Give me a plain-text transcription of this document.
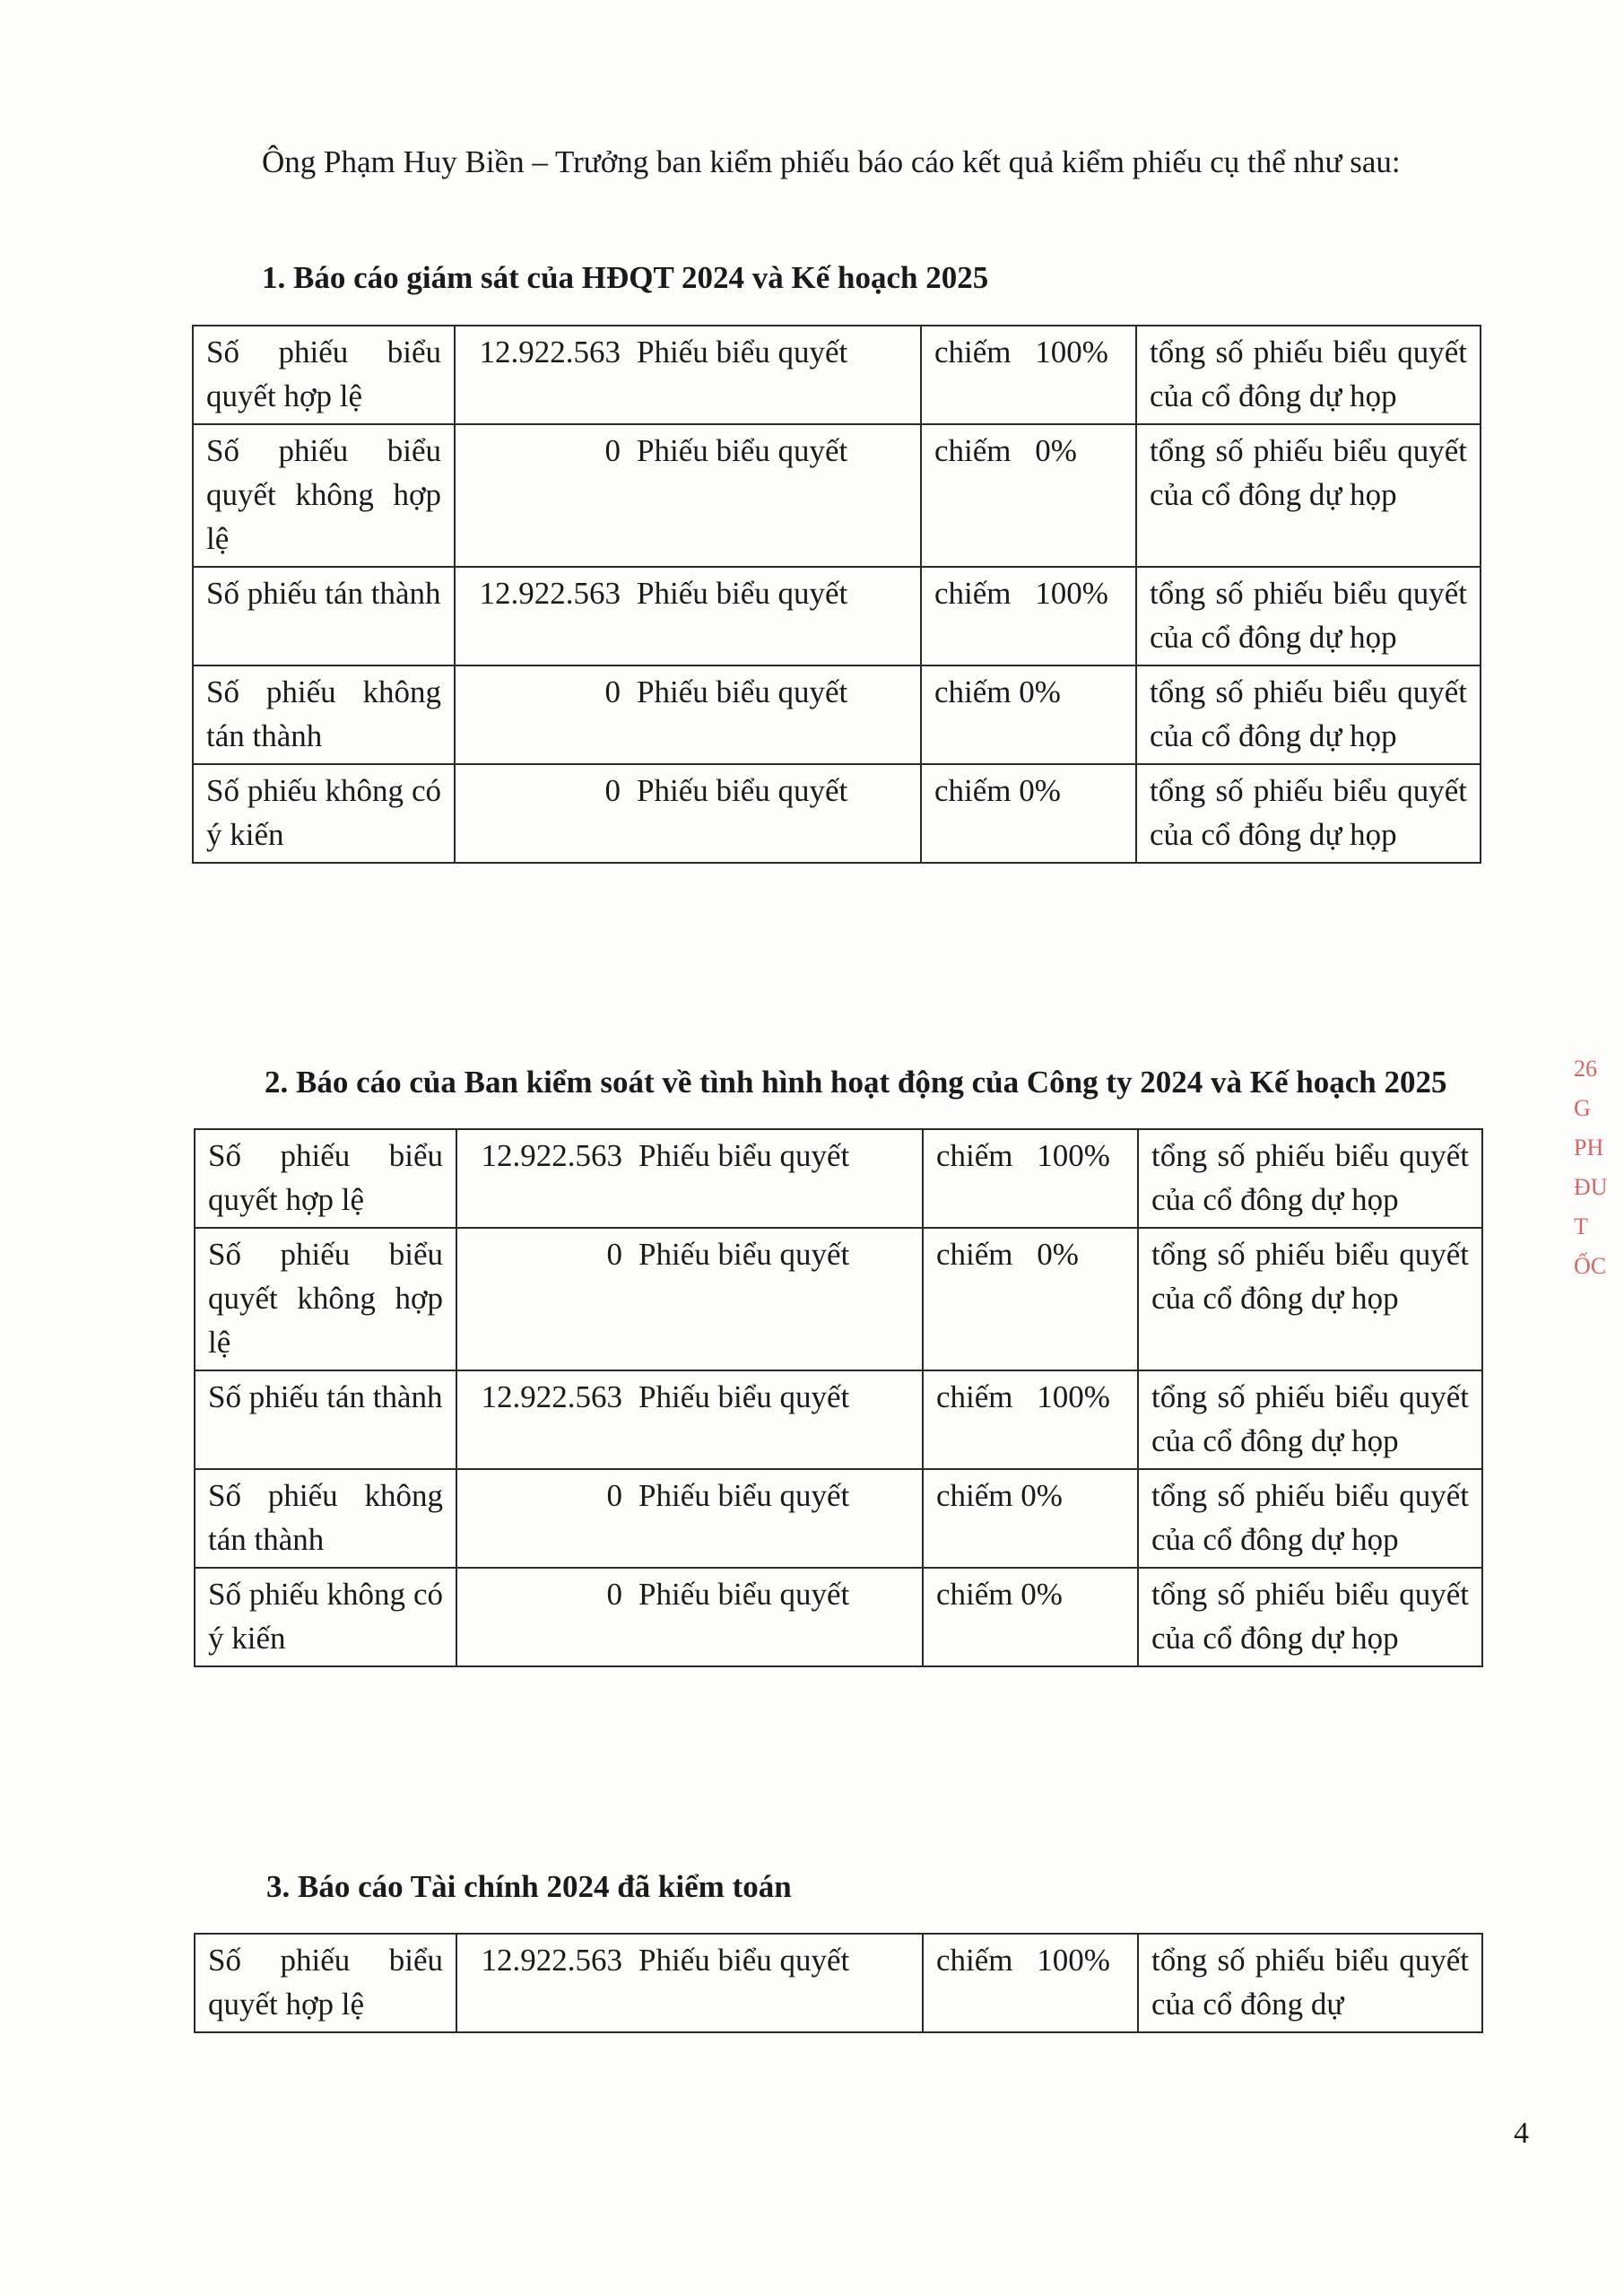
Ông Phạm Huy Biền – Trưởng ban kiểm phiếu báo cáo kết quả kiểm phiếu cụ thể như sau:

1. Báo cáo giám sát của HĐQT 2024 và Kế hoạch 2025
Số phiếu biểu quyết hợp lệ	12.922.563 Phiếu biểu quyết	chiếm 100%	tổng số phiếu biểu quyết của cổ đông dự họp
Số phiếu biểu quyết không hợp lệ	0 Phiếu biểu quyết	chiếm 0%	tổng số phiếu biểu quyết của cổ đông dự họp
Số phiếu tán thành	12.922.563 Phiếu biểu quyết	chiếm 100%	tổng số phiếu biểu quyết của cổ đông dự họp
Số phiếu không tán thành	0 Phiếu biểu quyết	chiếm 0%	tổng số phiếu biểu quyết của cổ đông dự họp
Số phiếu không có ý kiến	0 Phiếu biểu quyết	chiếm 0%	tổng số phiếu biểu quyết của cổ đông dự họp
2. Báo cáo của Ban kiểm soát về tình hình hoạt động của Công ty 2024 và Kế hoạch 2025
Số phiếu biểu quyết hợp lệ	12.922.563 Phiếu biểu quyết	chiếm 100%	tổng số phiếu biểu quyết của cổ đông dự họp
Số phiếu biểu quyết không hợp lệ	0 Phiếu biểu quyết	chiếm 0%	tổng số phiếu biểu quyết của cổ đông dự họp
Số phiếu tán thành	12.922.563 Phiếu biểu quyết	chiếm 100%	tổng số phiếu biểu quyết của cổ đông dự họp
Số phiếu không tán thành	0 Phiếu biểu quyết	chiếm 0%	tổng số phiếu biểu quyết của cổ đông dự họp
Số phiếu không có ý kiến	0 Phiếu biểu quyết	chiếm 0%	tổng số phiếu biểu quyết của cổ đông dự họp
3. Báo cáo Tài chính 2024 đã kiểm toán
Số phiếu biểu quyết hợp lệ	12.922.563 Phiếu biểu quyết	chiếm 100%	tổng số phiếu biểu quyết của cổ đông dự
26
G
PH
ĐU
T
ỐC
4
